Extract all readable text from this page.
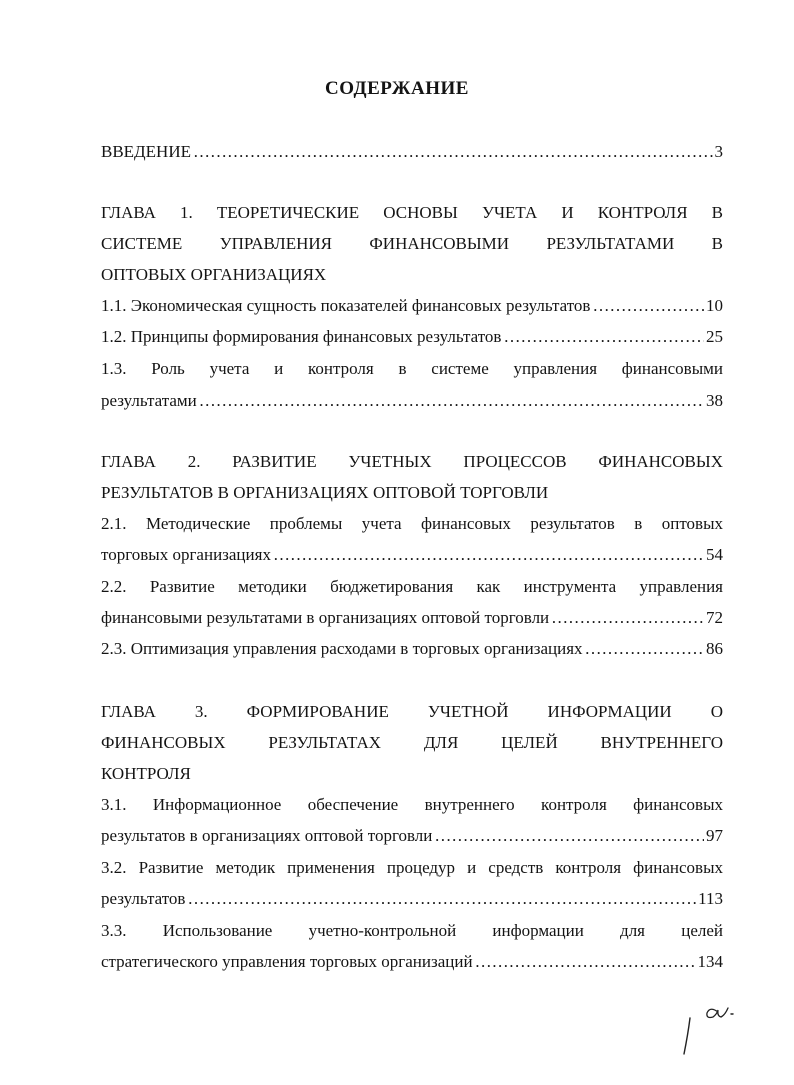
СОДЕРЖАНИЕ
ВВЕДЕНИЕ ……………………………………………………………………………………………………………………………………………………………………………………………………	3
ГЛАВА 1. ТЕОРЕТИЧЕСКИЕ ОСНОВЫ УЧЕТА И КОНТРОЛЯ В
СИСТЕМЕ УПРАВЛЕНИЯ ФИНАНСОВЫМИ РЕЗУЛЬТАТАМИ В
ОПТОВЫХ ОРГАНИЗАЦИЯХ
1.1. Экономическая сущность показателей финансовых результатов ……………………………………………………………………………………………………………………………………………………………………………………………………	10
1.2. Принципы формирования финансовых результатов ……………………………………………………………………………………………………………………………………………………………………………………………………	25
1.3. Роль учета и контроля в системе управления финансовыми
результатами ……………………………………………………………………………………………………………………………………………………………………………………………………	38
ГЛАВА 2. РАЗВИТИЕ УЧЕТНЫХ ПРОЦЕССОВ ФИНАНСОВЫХ
РЕЗУЛЬТАТОВ В ОРГАНИЗАЦИЯХ ОПТОВОЙ ТОРГОВЛИ
2.1. Методические проблемы учета финансовых результатов в оптовых
торговых организациях ……………………………………………………………………………………………………………………………………………………………………………………………………	54
2.2. Развитие методики бюджетирования как инструмента управления
финансовыми результатами в организациях оптовой торговли ……………………………………………………………………………………………………………………………………………………………………………………………………	72
2.3. Оптимизация управления расходами в торговых организациях ……………………………………………………………………………………………………………………………………………………………………………………………………	86
ГЛАВА 3. ФОРМИРОВАНИЕ УЧЕТНОЙ ИНФОРМАЦИИ О
ФИНАНСОВЫХ РЕЗУЛЬТАТАХ ДЛЯ ЦЕЛЕЙ ВНУТРЕННЕГО
КОНТРОЛЯ
3.1. Информационное обеспечение внутреннего контроля финансовых
результатов в организациях оптовой торговли ……………………………………………………………………………………………………………………………………………………………………………………………………	97
3.2. Развитие методик применения процедур и средств контроля финансовых
результатов ……………………………………………………………………………………………………………………………………………………………………………………………………	113
3.3. Использование учетно-контрольной информации для целей
стратегического управления торговых организаций ……………………………………………………………………………………………………………………………………………………………………………………………………	134
